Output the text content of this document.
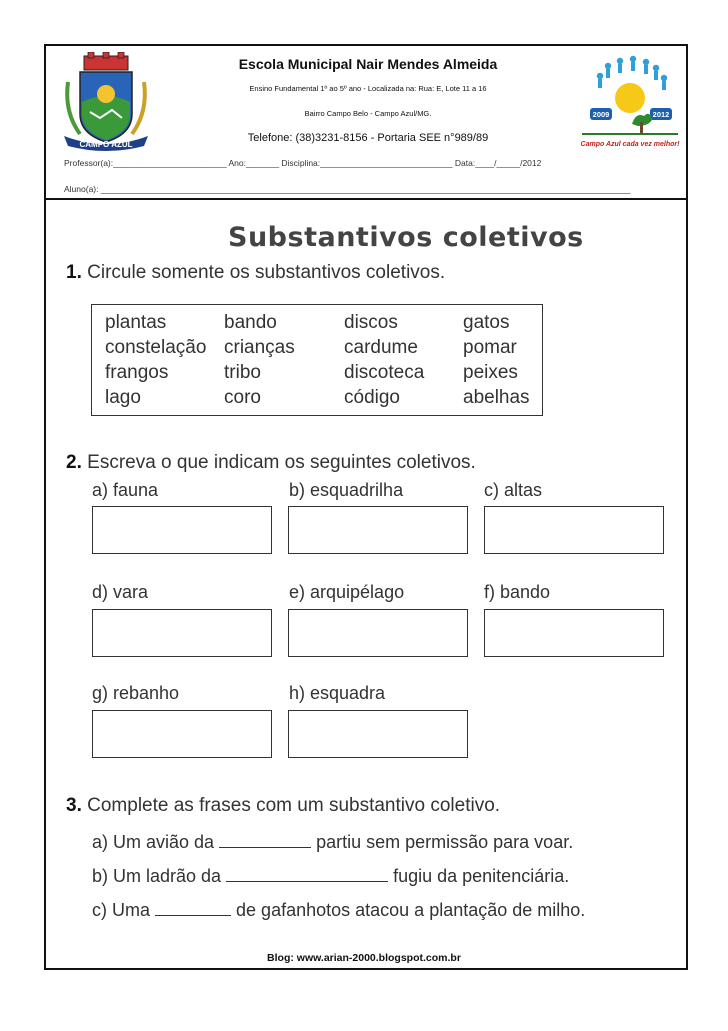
CAMPO AZUL
2009	2012
Campo Azul cada vez melhor!
Escola Municipal Nair Mendes Almeida
Ensino Fundamental 1º ao 5º ano - Localizada na: Rua: E, Lote 11 a 16
Bairro Campo Belo - Campo Azul/MG.
Telefone: (38)3231-8156 - Portaria SEE n°989/89
Professor(a):________________________ Ano:_______ Disciplina:____________________________ Data:____/_____/2012
Aluno(a): ________________________________________________________________________________________________________________
Substantivos coletivos
1. Circule somente os substantivos coletivos.
plantas	bando	discos	gatos
constelação crianças	cardume pomar
frangos	tribo	discoteca peixes
lago	coro	código	abelhas
2. Escreva o que indicam os seguintes coletivos.
a) fauna	b) esquadrilha	c) altas
d) vara	e) arquipélago	f) bando
g) rebanho	h) esquadra
3. Complete as frases com um substantivo coletivo.
a) Um avião da	partiu sem permissão para voar.
b) Um ladrão da	fugiu da penitenciária.
c) Uma	de gafanhotos atacou a plantação de milho.
Blog: www.arian-2000.blogspot.com.br
